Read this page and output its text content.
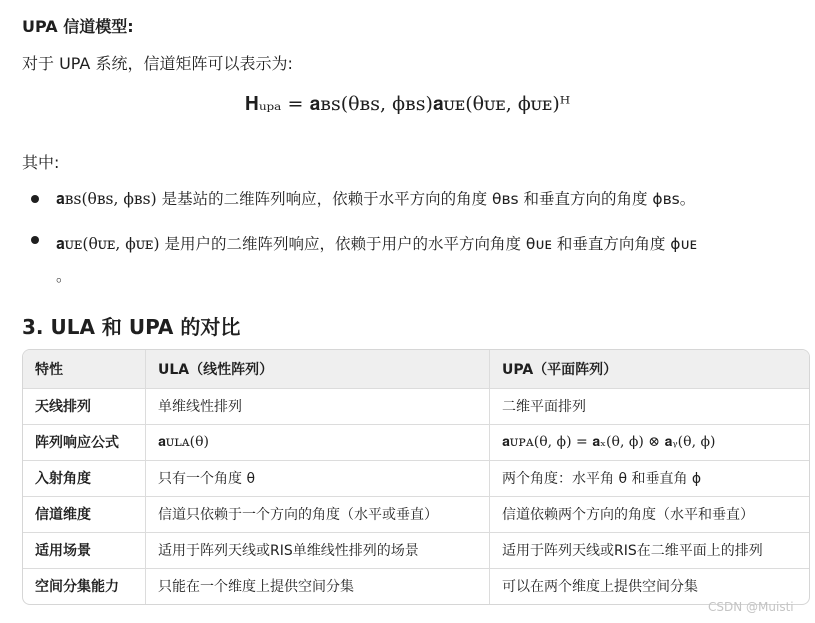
UPA 信道模型:
对于 UPA 系统，信道矩阵可以表示为:
𝐇ᵤₚₐ = 𝐚ʙꜱ(θʙꜱ, ϕʙꜱ)𝐚ᴜᴇ(θᴜᴇ, ϕᴜᴇ)ᴴ
其中:
𝐚ʙꜱ(θʙꜱ, ϕʙꜱ) 是基站的二维阵列响应，依赖于水平方向的角度 θʙꜱ 和垂直方向的角度 ϕʙꜱ。
𝐚ᴜᴇ(θᴜᴇ, ϕᴜᴇ) 是用户的二维阵列响应，依赖于用户的水平方向角度 θᴜᴇ 和垂直方向角度 ϕᴜᴇ
。
3. ULA 和 UPA 的对比
特性	ULA（线性阵列）	UPA（平面阵列）
天线排列	单维线性排列	二维平面排列
阵列响应公式	𝐚ᴜʟᴀ(θ)	𝐚ᴜᴘᴀ(θ, ϕ) = 𝐚ₓ(θ, ϕ) ⊗ 𝐚ᵧ(θ, ϕ)
入射角度	只有一个角度 θ	两个角度：水平角 θ 和垂直角 ϕ
信道维度	信道只依赖于一个方向的角度（水平或垂直）	信道依赖两个方向的角度（水平和垂直）
适用场景	适用于阵列天线或RIS单维线性排列的场景	适用于阵列天线或RIS在二维平面上的排列
空间分集能力	只能在一个维度上提供空间分集	可以在两个维度上提供空间分集
CSDN @Muisti
